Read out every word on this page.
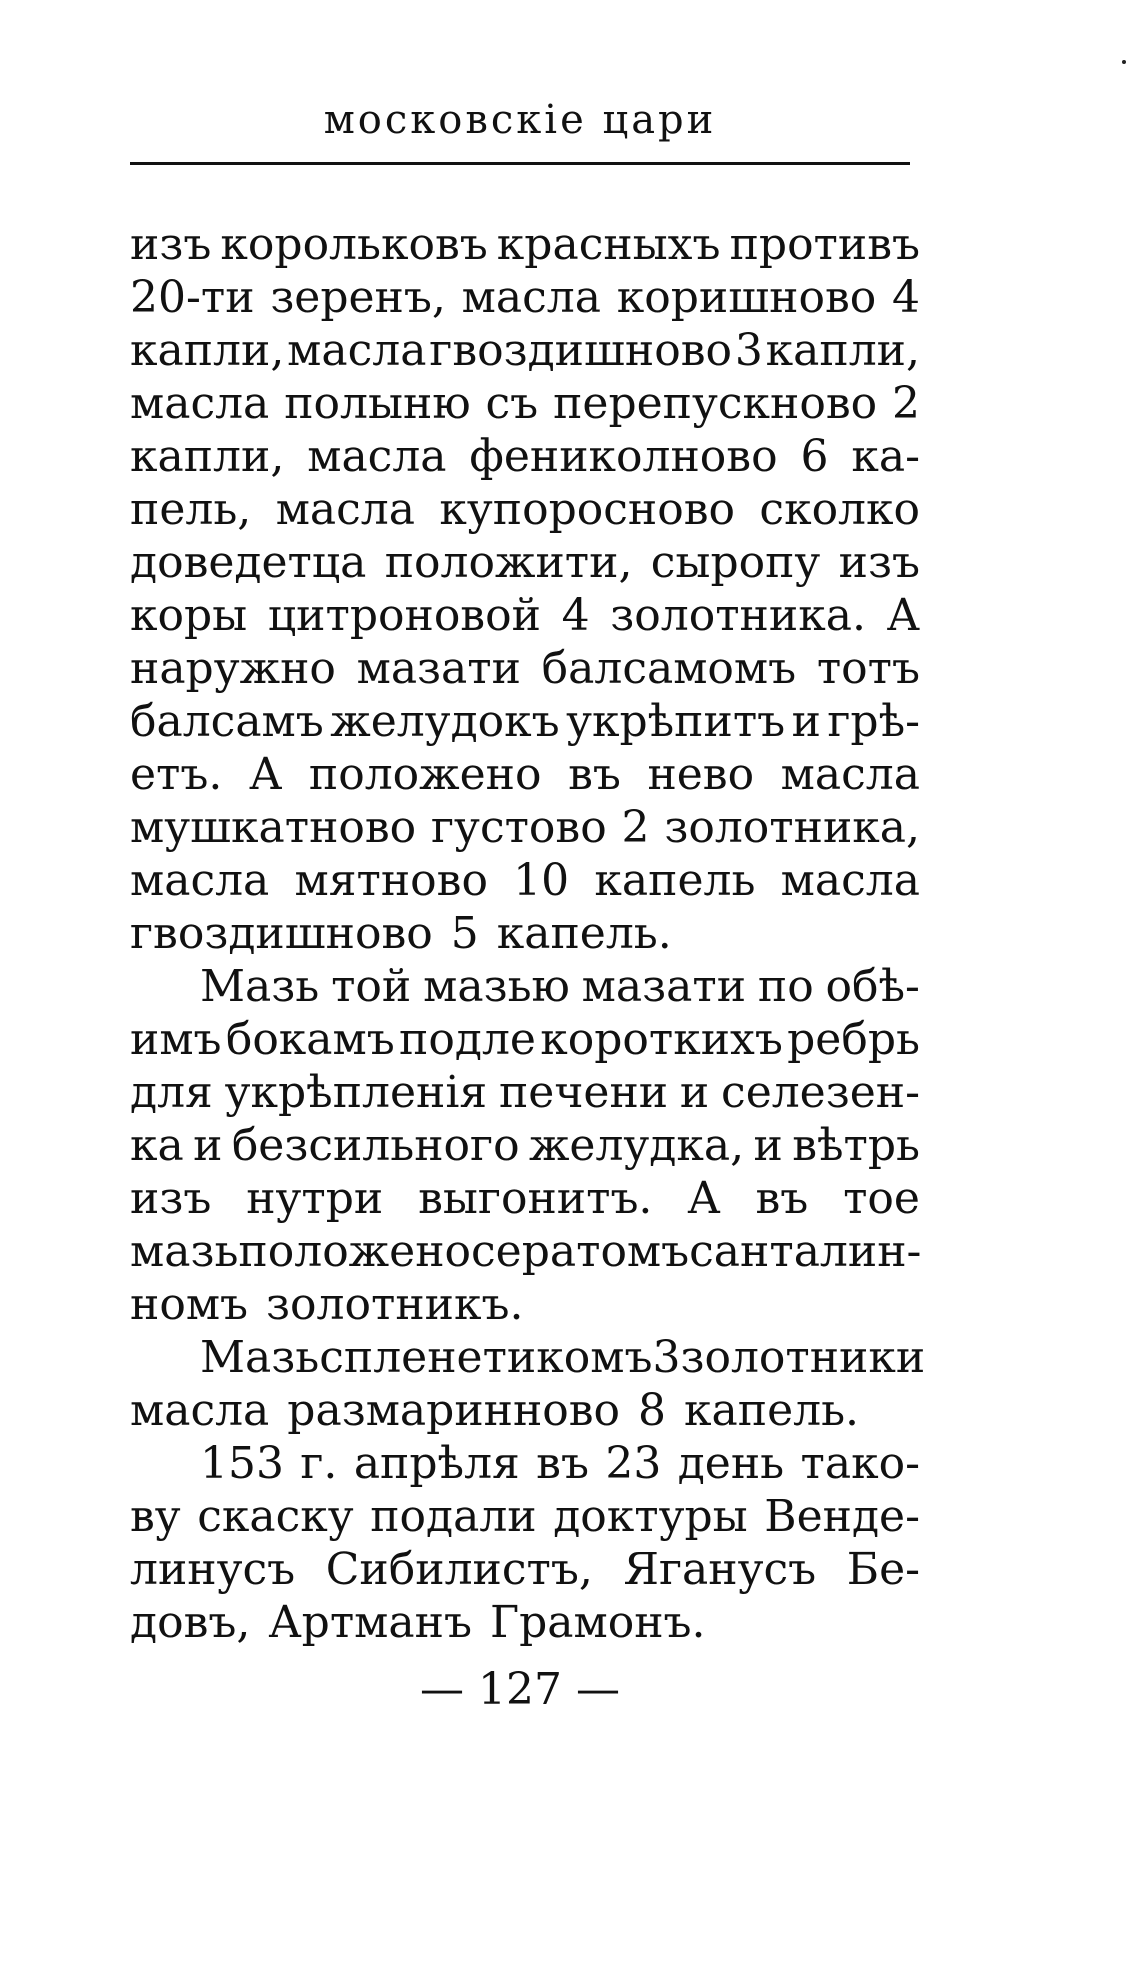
московскіе цари
изъ корольковъ красныхъ противъ
20-ти зеренъ, масла коришново 4
капли, масла гвоздишново 3 капли,
масла полыню съ перепускново 2
капли, масла фениколново 6 ка-
пель, масла купоросново сколко
доведетца положити, сыропу изъ
коры цитроновой 4 золотника. А
наружно мазати балсамомъ тотъ
балсамъ желудокъ укрѣпитъ и грѣ-
етъ. А положено въ нево масла
мушкатново густово 2 золотника,
масла мятново 10 капель масла
гвоздишново 5 капель.
Мазь той мазью мазати по обѣ-
имъ бокамъ подле короткихъ ребрь
для укрѣпленія печени и селезен-
ка и безсильного желудка, и вѣтрь
изъ нутри выгонитъ. А въ тое
мазь положено сератомъ санталин-
номъ золотникъ.
Мазь спленетикомъ 3 золотники
масла размаринново 8 капель.
153 г. апрѣля въ 23 день тако-
ву скаску подали доктуры Венде-
линусъ Сибилистъ, Яганусъ Бе-
довъ, Артманъ Грамонъ.
— 127 —
